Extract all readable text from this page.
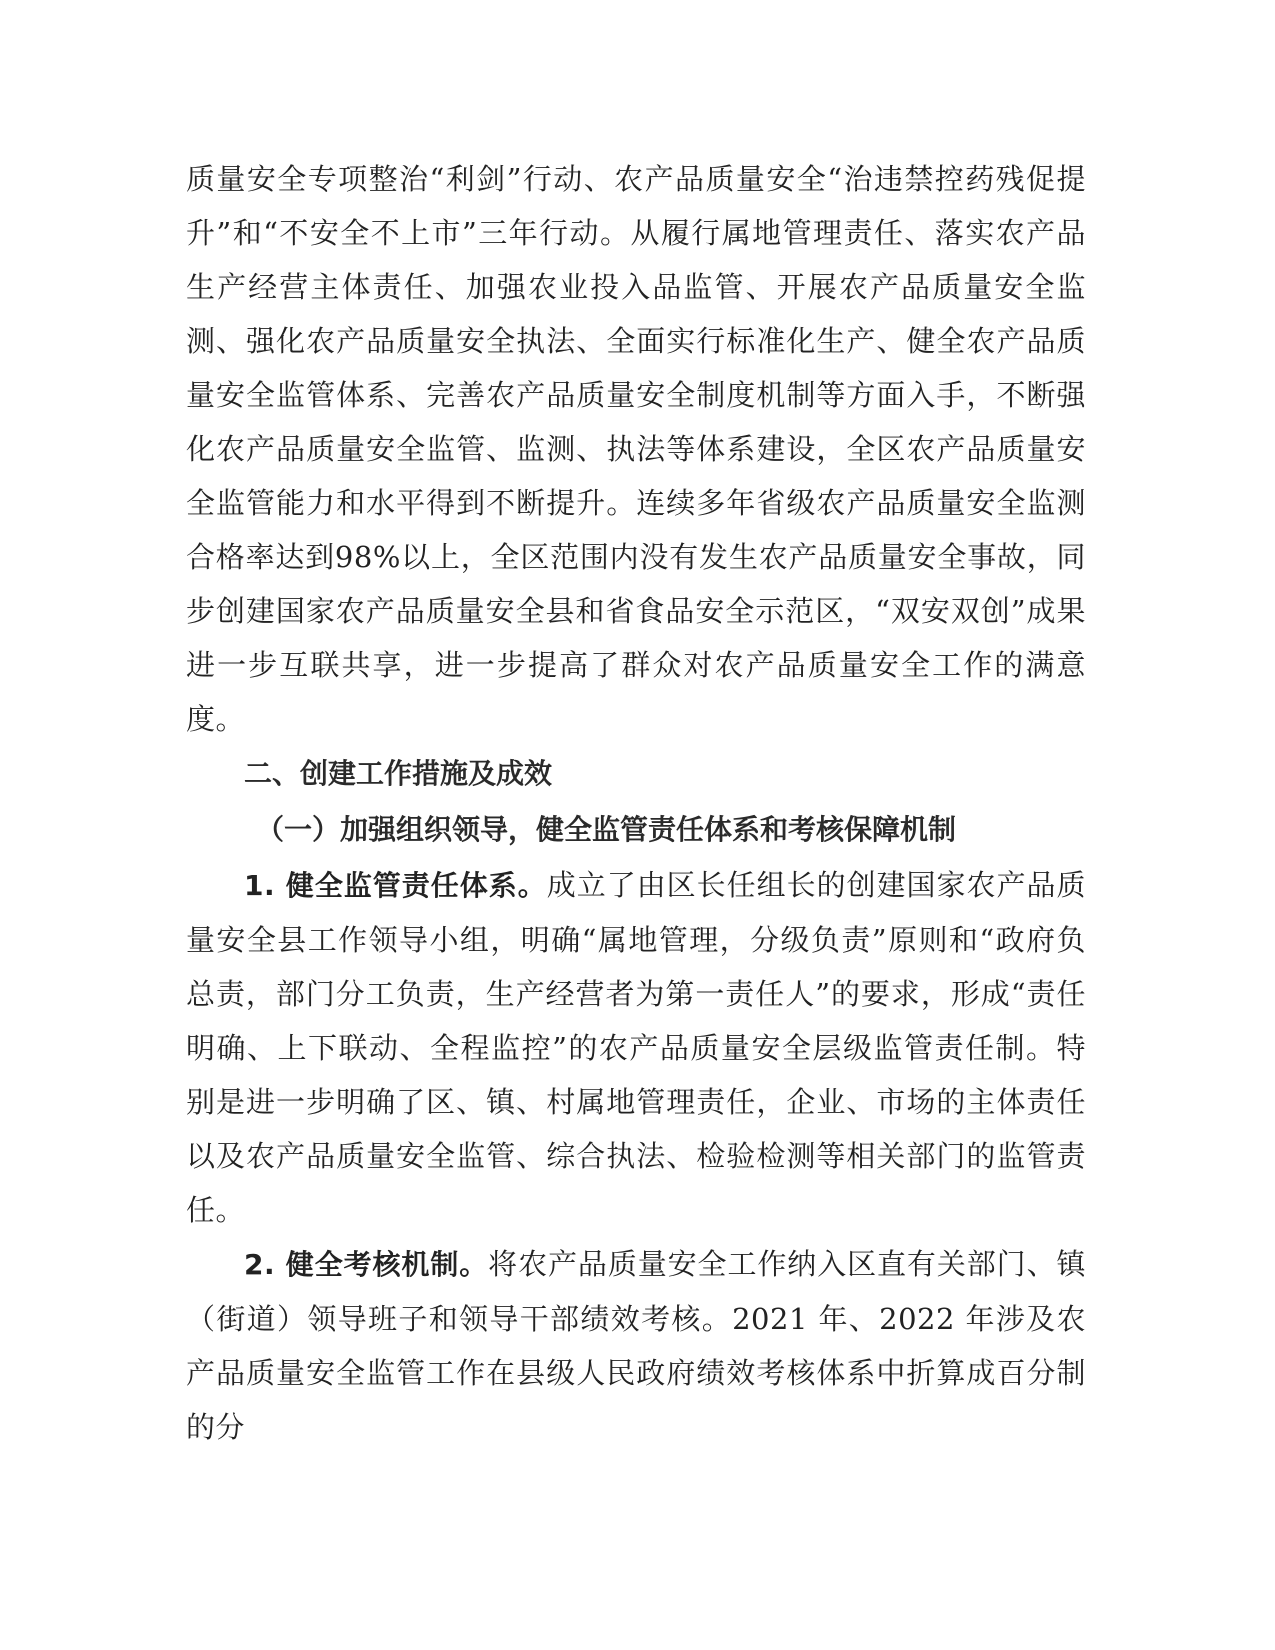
质量安全专项整治“利剑”行动、农产品质量安全“治违禁控药残促提升”和“不安全不上市”三年行动。从履行属地管理责任、落实农产品生产经营主体责任、加强农业投入品监管、开展农产品质量安全监测、强化农产品质量安全执法、全面实行标准化生产、健全农产品质量安全监管体系、完善农产品质量安全制度机制等方面入手，不断强化农产品质量安全监管、监测、执法等体系建设，全区农产品质量安全监管能力和水平得到不断提升。连续多年省级农产品质量安全监测合格率达到98%以上，全区范围内没有发生农产品质量安全事故，同步创建国家农产品质量安全县和省食品安全示范区，“双安双创”成果进一步互联共享，进一步提高了群众对农产品质量安全工作的满意度。

二、创建工作措施及成效

（一）加强组织领导，健全监管责任体系和考核保障机制

1. 健全监管责任体系。成立了由区长任组长的创建国家农产品质量安全县工作领导小组，明确“属地管理，分级负责”原则和“政府负总责，部门分工负责，生产经营者为第一责任人”的要求，形成“责任明确、上下联动、全程监控”的农产品质量安全层级监管责任制。特别是进一步明确了区、镇、村属地管理责任，企业、市场的主体责任以及农产品质量安全监管、综合执法、检验检测等相关部门的监管责任。

2. 健全考核机制。将农产品质量安全工作纳入区直有关部门、镇（街道）领导班子和领导干部绩效考核。2021 年、2022 年涉及农产品质量安全监管工作在县级人民政府绩效考核体系中折算成百分制的分
